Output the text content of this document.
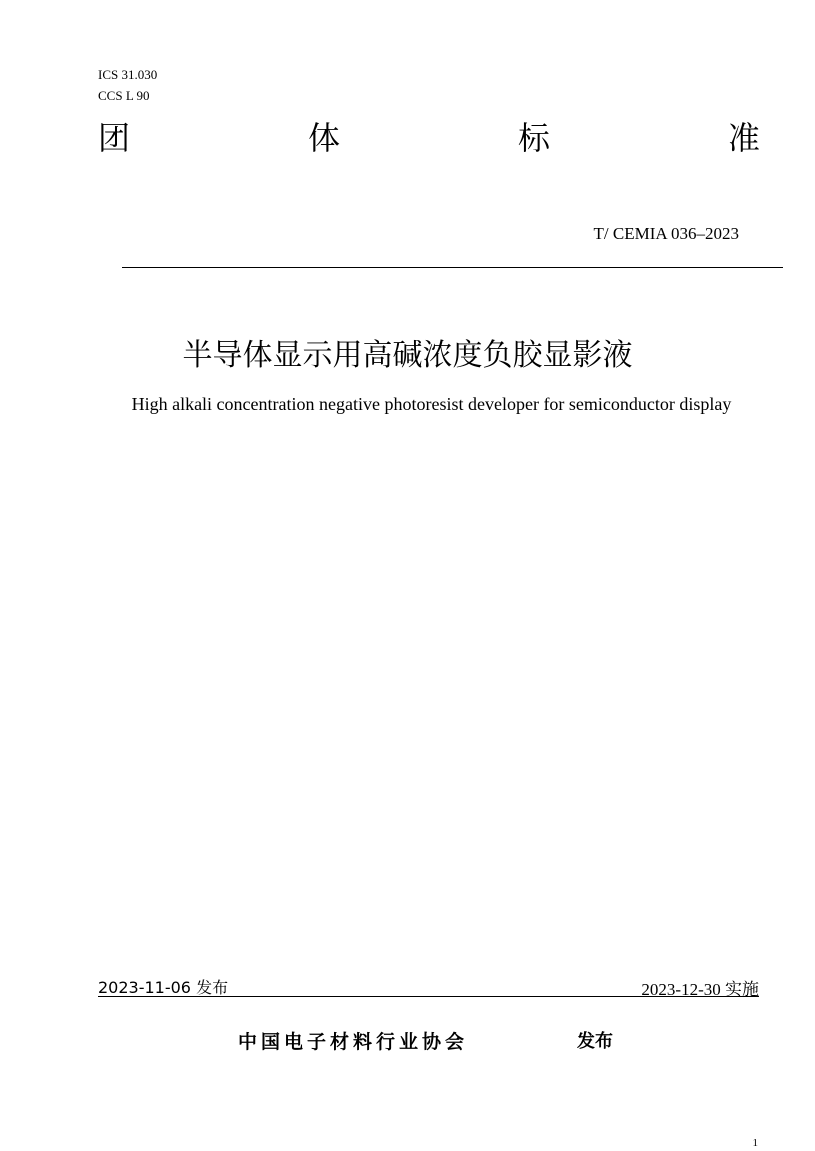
ICS 31.030
CCS L 90
团	体	标	准
T/ CEMIA 036–2023
半导体显示用高碱浓度负胶显影液
High alkali concentration negative photoresist developer for semiconductor display
2023-11-06 发布	2023-12-30 实施
中国电子材料行业协会	发布
1
